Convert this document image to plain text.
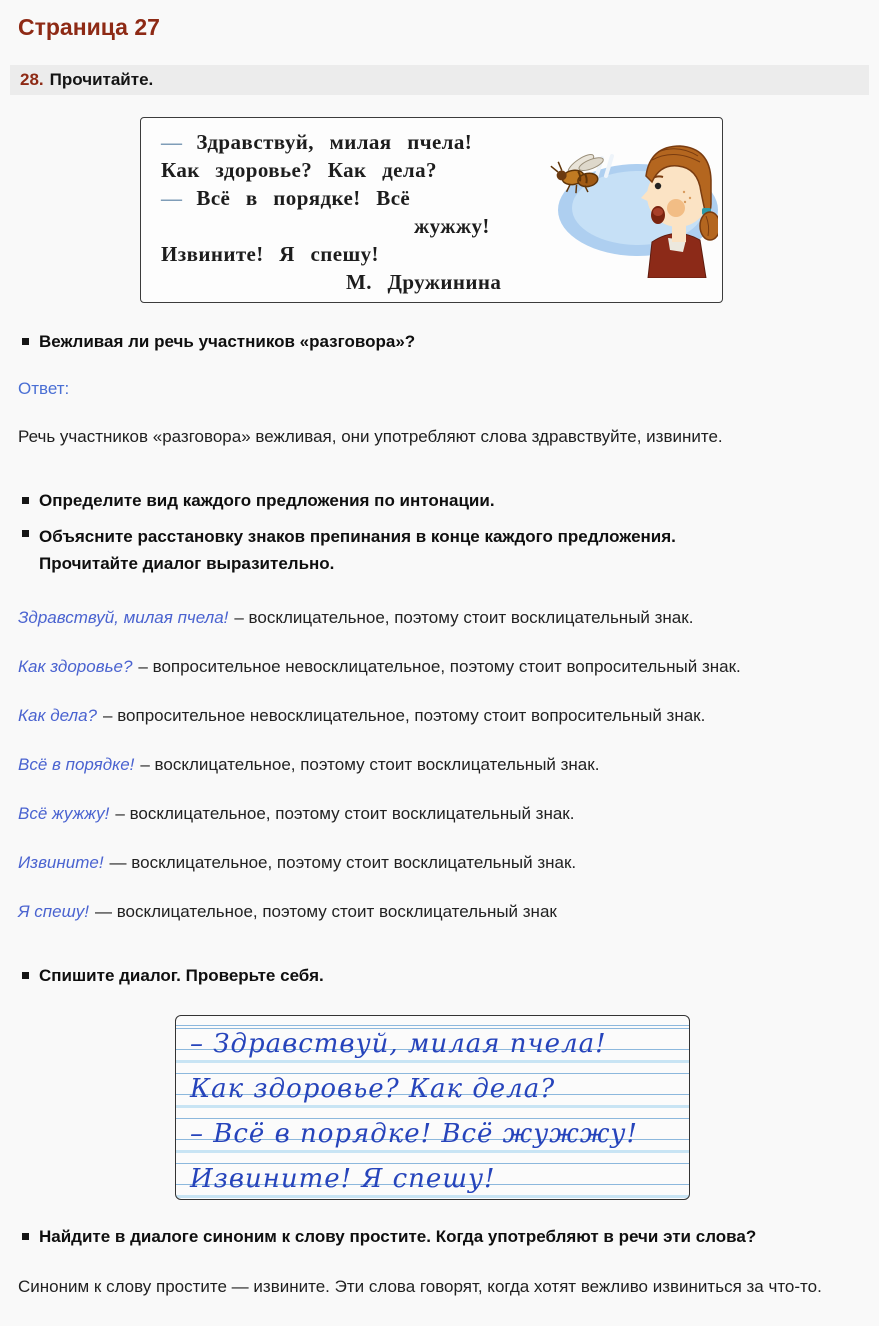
Страница 27
28. Прочитайте.
— Здравствуй, милая пчела!
Как здоровье? Как дела?
— Всё в порядке! Всё
жужжу!
Извините! Я спешу!
М. Дружинина
Вежливая ли речь участников «разговора»?

Ответ:

Речь участников «разговора» вежливая, они употребляют слова здравствуйте, извините.

Определите вид каждого предложения по интонации.
Объясните расстановку знаков препинания в конце каждого предложения.
Прочитайте диалог выразительно.

Здравствуй, милая пчела! – восклицательное, поэтому стоит восклицательный знак.

Как здоровье? – вопросительное невосклицательное, поэтому стоит вопросительный знак.

Как дела? – вопросительное невосклицательное, поэтому стоит вопросительный знак.

Всё в порядке! – восклицательное, поэтому стоит восклицательный знак.

Всё жужжу! – восклицательное, поэтому стоит восклицательный знак.

Извините! — восклицательное, поэтому стоит восклицательный знак.

Я спешу! — восклицательное, поэтому стоит восклицательный знак

Спишите диалог. Проверьте себя.
– Здравствуй, милая пчела!
Как здоровье? Как дела?
– Всё в порядке! Всё жужжу!
Извините! Я спешу!
Найдите в диалоге синоним к слову простите. Когда употребляют в речи эти слова?

Синоним к слову простите — извините. Эти слова говорят, когда хотят вежливо извиниться за что-то.
